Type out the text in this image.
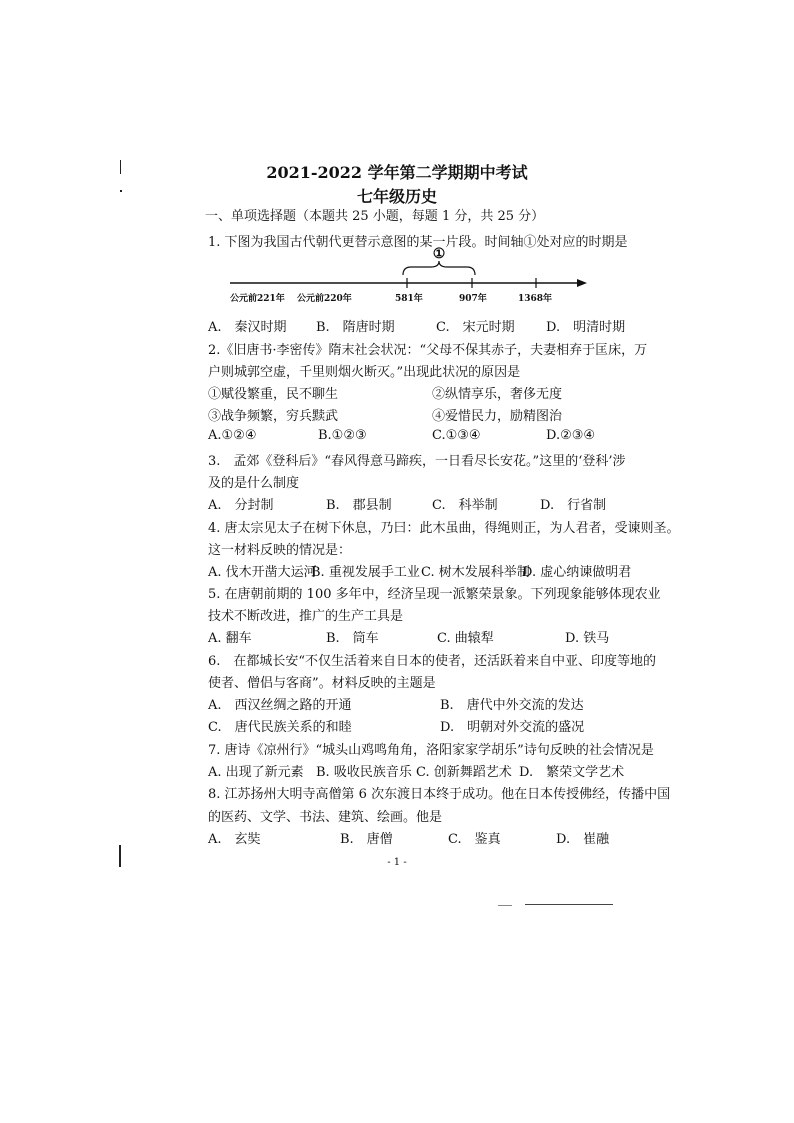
2021-2022 学年第二学期期中考试
七年级历史
一、单项选择题（本题共 25 小题，每题 1 分，共 25 分）
1. 下图为我国古代朝代更替示意图的某一片段。时间轴①处对应的时期是
①
公元前221年 公元前220年	581年	907年	1368年
A.　秦汉时期 B.　隋唐时期	C.　宋元时期 D.　明清时期
2.《旧唐书·李密传》隋末社会状况：“父母不保其赤子，夫妻相弃于匡床，万
户则城郭空虚，千里则烟火断灭。”出现此状况的原因是
①赋役繁重，民不聊生	②纵情享乐，奢侈无度
③战争频繁，穷兵黩武	④爱惜民力，励精图治
A.①②④	B.①②③	C.①③④	D.②③④
3.　孟郊《登科后》“春风得意马蹄疾，一日看尽长安花。”这里的‘登科’涉
及的是什么制度
A.　分封制	B.　郡县制	C.　科举制	D.　行省制
4. 唐太宗见太子在树下休息，乃曰：此木虽曲，得绳则正，为人君者，受谏则圣。
这一材料反映的情况是：
A. 伐木开凿大运河
B. 重视发展手工业 C. 树木发展科举制
D. 虚心纳谏做明君
5. 在唐朝前期的 100 多年中，经济呈现一派繁荣景象。下列现象能够体现农业
技术不断改进，推广的生产工具是
A. 翻车	B.　筒车	C. 曲辕犁	D. 铁马
6.　在都城长安“不仅生活着来自日本的使者，还活跃着来自中亚、印度等地的
使者、僧侣与客商”。材料反映的主题是
A.　西汉丝绸之路的开通	B.　唐代中外交流的发达
C.　唐代民族关系的和睦	D.　明朝对外交流的盛况
7. 唐诗《凉州行》“城头山鸡鸣角角，洛阳家家学胡乐”诗句反映的社会情况是
A. 出现了新元素 B. 吸收民族音乐 C. 创新舞蹈艺术 D.　繁荣文学艺术
8. 江苏扬州大明寺高僧第 6 次东渡日本终于成功。他在日本传授佛经，传播中国
的医药、文学、书法、建筑、绘画。他是
A.　玄奘	B.　唐僧	C.　鉴真	D.　崔融
- 1 -
